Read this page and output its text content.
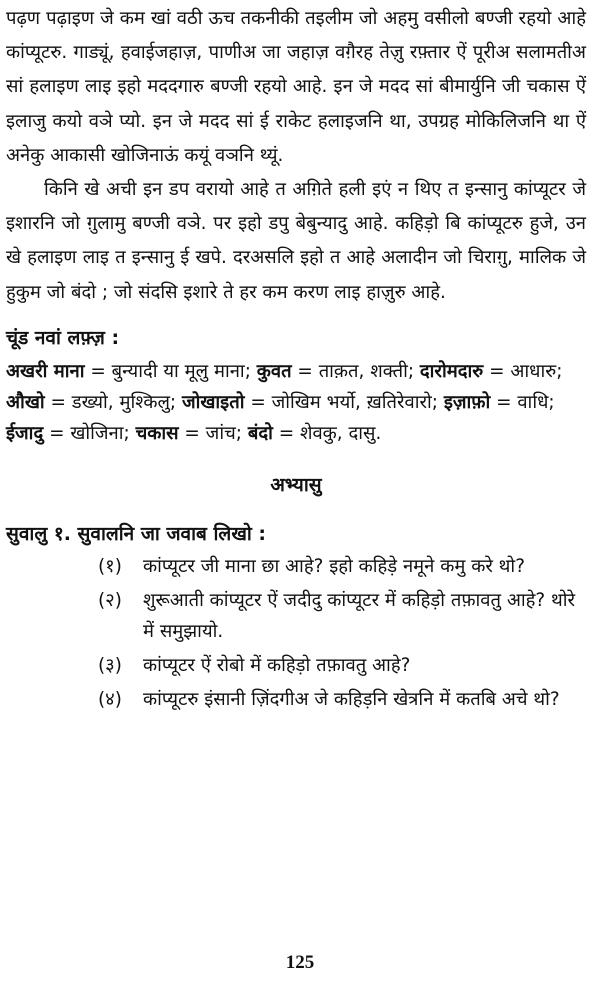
पढ़ण पढ़ाइण जे कम खां वठी ऊच तकनीकी तइलीम जो अहमु वसीलो बण्जी रहयो आहे कांप्यूटरु. गाड्यूं, हवाईजहाज़, पाणीअ जा जहाज़ वग़ैरह तेज़ु रफ़्तार ऐं पूरीअ सलामतीअ सां हलाइण लाइ इहो मददगारु बण्जी रहयो आहे. इन जे मदद सां बीमार्युनि जी चकास ऐं इलाजु कयो वञे प्यो. इन जे मदद सां ई राकेट हलाइजनि था, उपग्रह मोकिलिजनि था ऐं अनेकु आकासी खोजिनाऊं कयूं वञनि थ्यूं.

किनि खे अची इन डप वरायो आहे त अग़िते हली इएं न थिए त इन्सानु कांप्यूटर जे इशारनि जो ग़ुलामु बण्जी वञे. पर इहो डपु बेबुन्यादु आहे. कहिड़ो बि कांप्यूटरु हुजे, उन खे हलाइण लाइ त इन्सानु ई खपे. दरअसलि इहो त आहे अलादीन जो चिराग़ु, मालिक जे हुकुम जो बंदो ; जो संदसि इशारे ते हर कम करण लाइ हाज़ुरु आहे.

चूंड नवां लफ़्ज़ :

अखरी माना = बुन्यादी या मूलु माना; कुवत = ताक़त, शक्ती; दारोमदारु = आधारु; औखो = डख्यो, मुश्किलु; जोखाइतो = जोखिम भर्यो, ख़तिरेवारो; इज़ाफ़ो = वाधि; ईजादु = खोजिना; चकास = जांच; बंदो = शेवकु, दासु.

अभ्यासु

सुवालु १. सुवालनि जा जवाब लिखो :

(१) कांप्यूटर जी माना छा आहे? इहो कहिड़े नमूने कमु करे थो?
(२) शुरूआती कांप्यूटर ऐं जदीदु कांप्यूटर में कहिड़ो तफ़ावतु आहे? थोरे में समुझायो.
(३) कांप्यूटर ऐं रोबो में कहिड़ो तफ़ावतु आहे?
(४) कांप्यूटरु इंसानी ज़िंदगीअ जे कहिड़नि खेत्रनि में कतबि अचे थो?
125
